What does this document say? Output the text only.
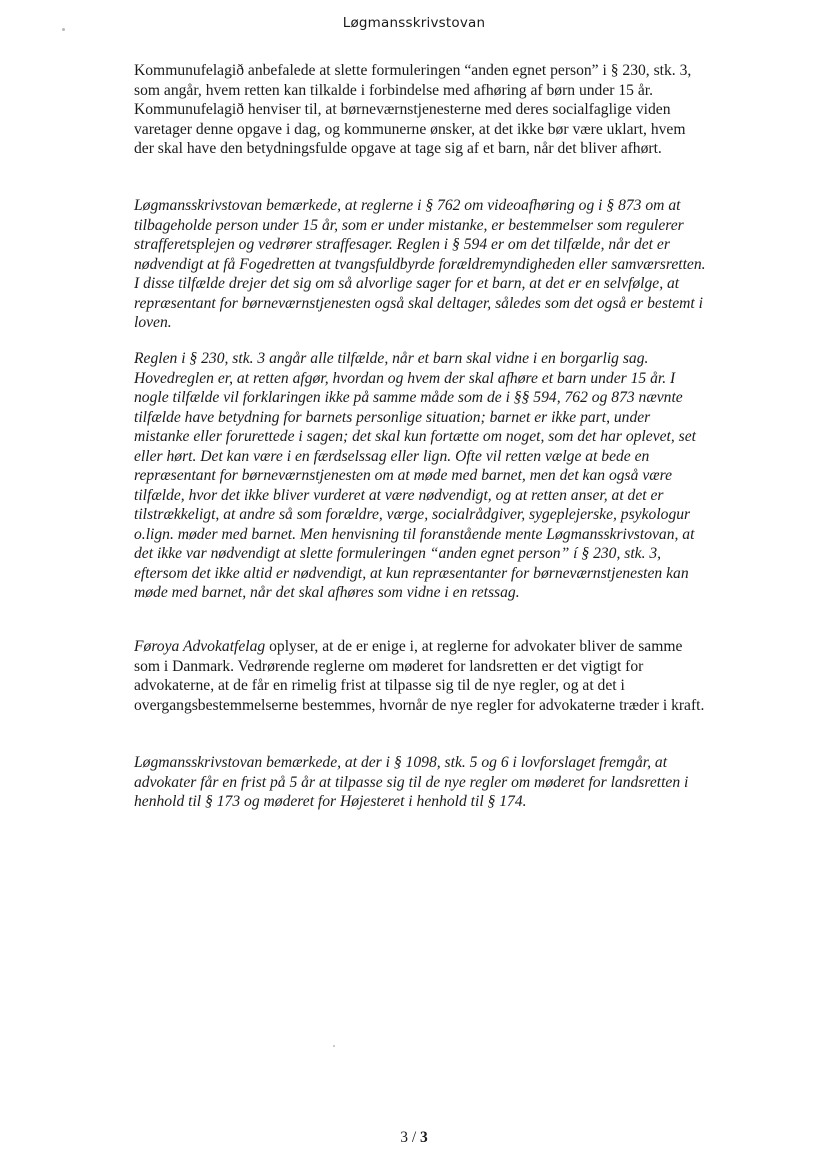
Løgmansskrivstovan

Kommunufelagið anbefalede at slette formuleringen “anden egnet person” i § 230, stk. 3, som angår, hvem retten kan tilkalde i forbindelse med afhøring af børn under 15 år. Kommunufelagið henviser til, at børneværnstjenesterne med deres socialfaglige viden varetager denne opgave i dag, og kommunerne ønsker, at det ikke bør være uklart, hvem der skal have den betydningsfulde opgave at tage sig af et barn, når det bliver afhørt.

Løgmansskrivstovan bemærkede, at reglerne i § 762 om videoafhøring og i § 873 om at tilbageholde person under 15 år, som er under mistanke, er bestemmelser som regulerer strafferetsplejen og vedrører straffesager. Reglen i § 594 er om det tilfælde, når det er nødvendigt at få Fogedretten at tvangsfuldbyrde forældremyndigheden eller samværsretten. I disse tilfælde drejer det sig om så alvorlige sager for et barn, at det er en selvfølge, at repræsentant for børneværnstjenesten også skal deltager, således som det også er bestemt i loven.

Reglen i § 230, stk. 3 angår alle tilfælde, når et barn skal vidne i en borgarlig sag. Hovedreglen er, at retten afgør, hvordan og hvem der skal afhøre et barn under 15 år. I nogle tilfælde vil forklaringen ikke på samme måde som de i §§ 594, 762 og 873 nævnte tilfælde have betydning for barnets personlige situation; barnet er ikke part, under mistanke eller forurettede i sagen; det skal kun fortætte om noget, som det har oplevet, set eller hørt. Det kan være i en færdselssag eller lign. Ofte vil retten vælge at bede en repræsentant for børneværnstjenesten om at møde med barnet, men det kan også være tilfælde, hvor det ikke bliver vurderet at være nødvendigt, og at retten anser, at det er tilstrækkeligt, at andre så som forældre, værge, socialrådgiver, sygeplejerske, psykologur o.lign. møder med barnet. Men henvisning til foranstående mente Løgmansskrivstovan, at det ikke var nødvendigt at slette formuleringen “anden egnet person” í § 230, stk. 3, eftersom det ikke altid er nødvendigt, at kun repræsentanter for børneværnstjenesten kan møde med barnet, når det skal afhøres som vidne i en retssag.

Føroya Advokatfelag oplyser, at de er enige i, at reglerne for advokater bliver de samme som i Danmark. Vedrørende reglerne om møderet for landsretten er det vigtigt for advokaterne, at de får en rimelig frist at tilpasse sig til de nye regler, og at det i overgangsbestemmelserne bestemmes, hvornår de nye regler for advokaterne træder i kraft.

Løgmansskrivstovan bemærkede, at der i § 1098, stk. 5 og 6 i lovforslaget fremgår, at advokater får en frist på 5 år at tilpasse sig til de nye regler om møderet for landsretten i henhold til § 173 og møderet for Højesteret i henhold til § 174.

3 / 3
